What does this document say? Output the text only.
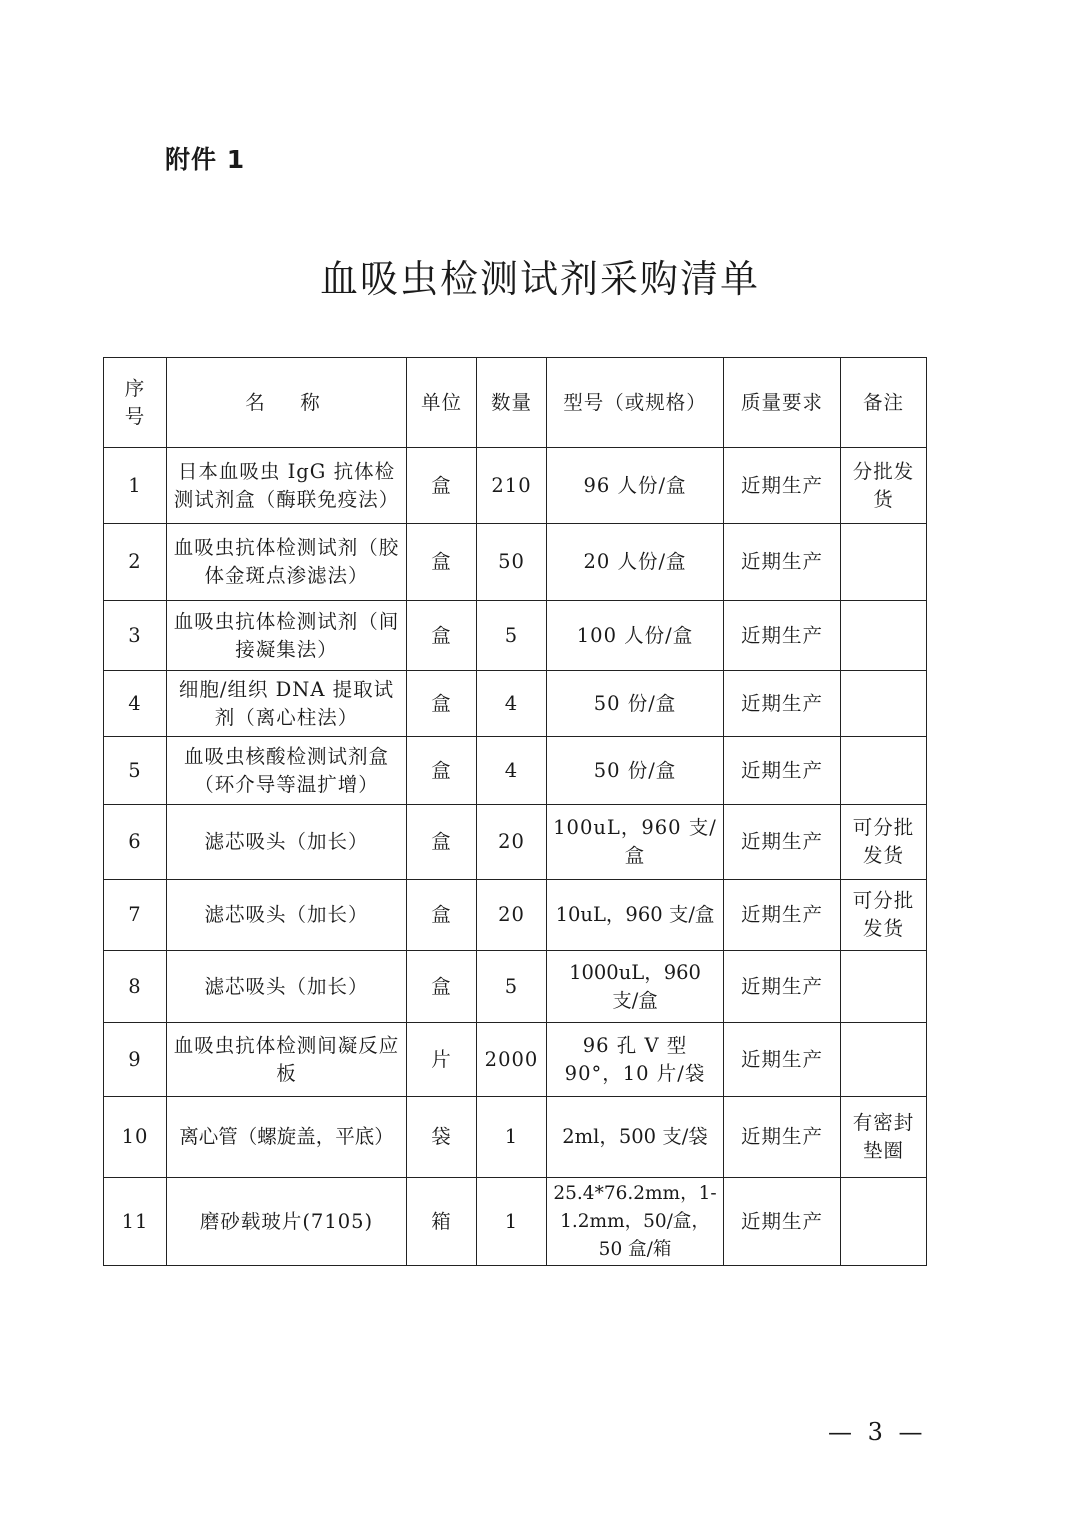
附件 1
血吸虫检测试剂采购清单
序号	名　称	单位	数量	型号（或规格）	质量要求	备注
1	日本血吸虫 IgG 抗体检测试剂盒（酶联免疫法）	盒	210	96 人份/盒	近期生产	分批发货
2	血吸虫抗体检测试剂（胶体金斑点渗滤法）	盒	50	20 人份/盒	近期生产	
3	血吸虫抗体检测试剂（间接凝集法）	盒	5	100 人份/盒	近期生产	
4	细胞/组织 DNA 提取试剂（离心柱法）	盒	4	50 份/盒	近期生产	
5	血吸虫核酸检测试剂盒（环介导等温扩增）	盒	4	50 份/盒	近期生产	
6	滤芯吸头（加长）	盒	20	100uL，960 支/盒	近期生产	可分批发货
7	滤芯吸头（加长）	盒	20	10uL，960 支/盒	近期生产	可分批发货
8	滤芯吸头（加长）	盒	5	1000uL，960 支/盒	近期生产	
9	血吸虫抗体检测间凝反应板	片	2000	96 孔 V 型 90°，10 片/袋	近期生产	
10	离心管（螺旋盖，平底）	袋	1	2ml，500 支/袋	近期生产	有密封垫圈
11	磨砂载玻片(7105)	箱	1	25.4*76.2mm，1-1.2mm，50/盒，50 盒/箱	近期生产	
— 3 —
